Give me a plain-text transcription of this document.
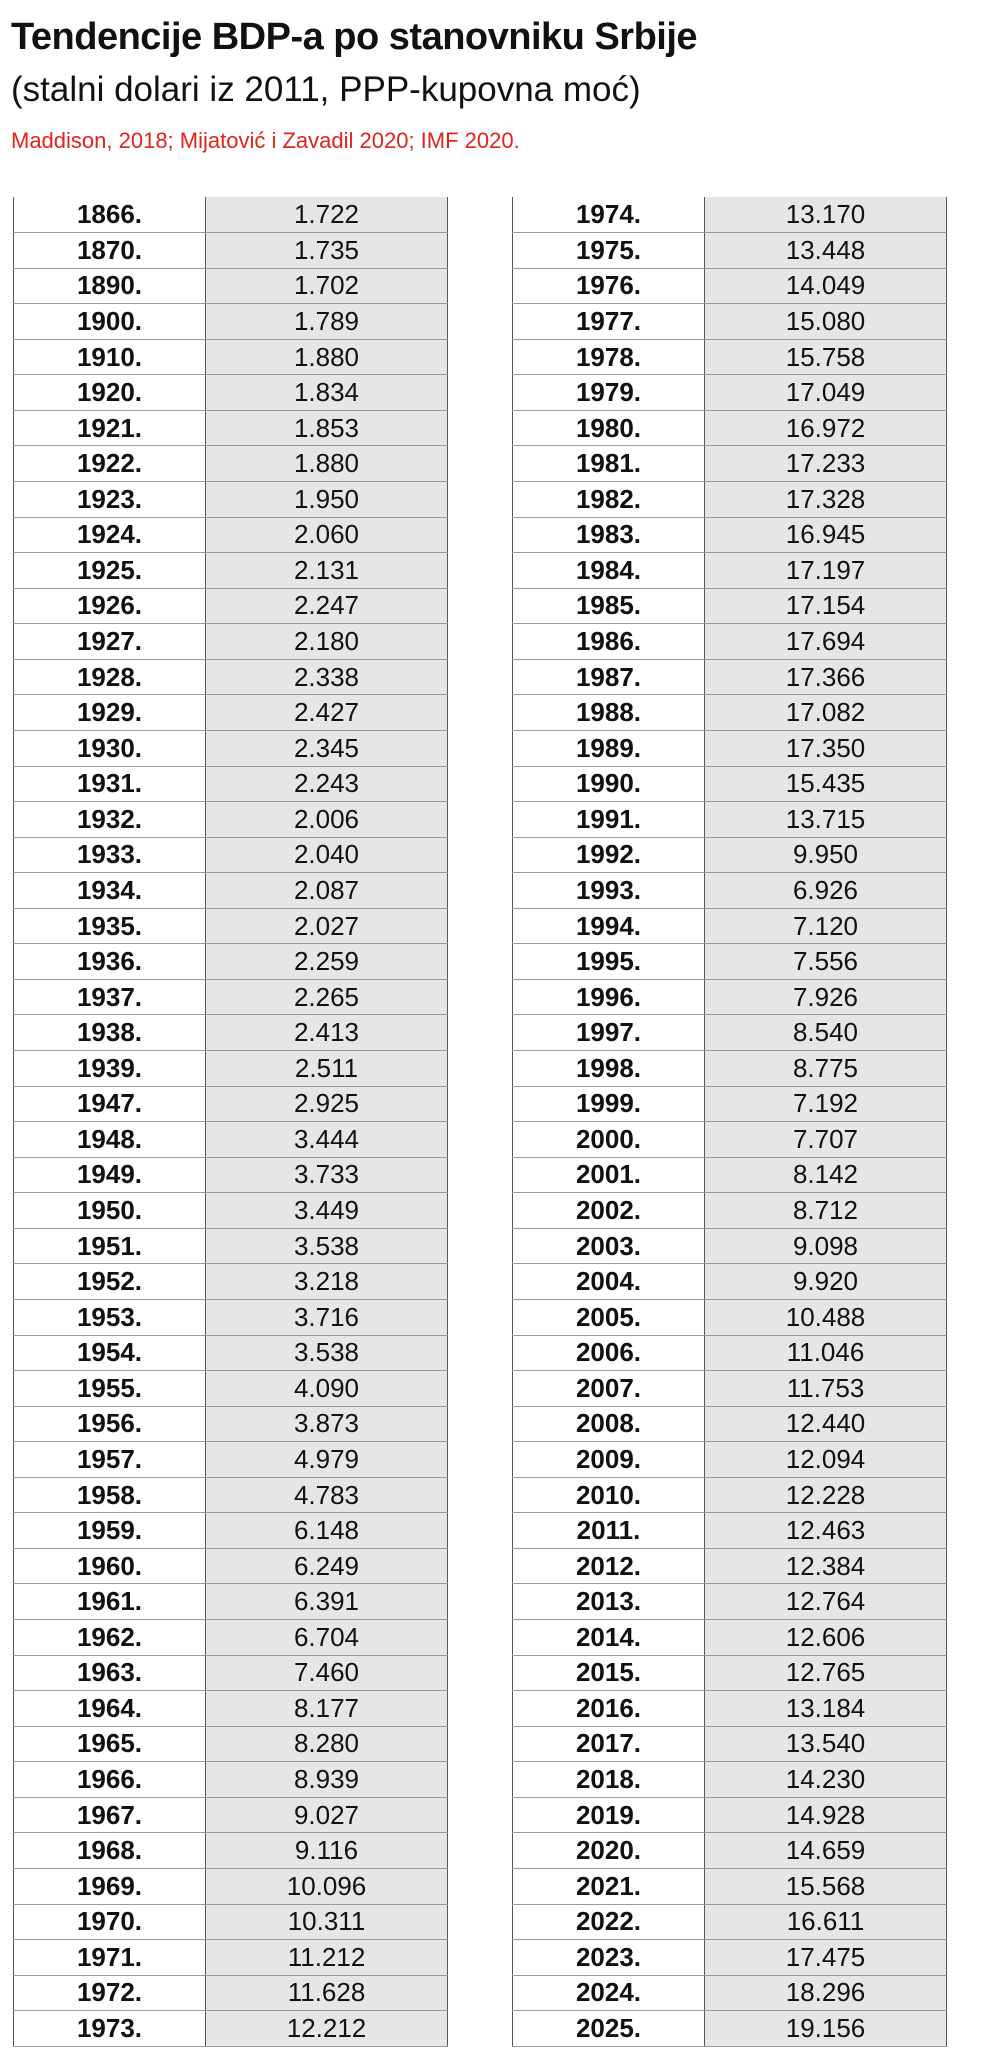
Tendencije BDP-a po stanovniku Srbije
(stalni dolari iz 2011, PPP-kupovna moć)
Maddison, 2018; Mijatović i Zavadil 2020; IMF 2020.
1866.	1.722
1870.	1.735
1890.	1.702
1900.	1.789
1910.	1.880
1920.	1.834
1921.	1.853
1922.	1.880
1923.	1.950
1924.	2.060
1925.	2.131
1926.	2.247
1927.	2.180
1928.	2.338
1929.	2.427
1930.	2.345
1931.	2.243
1932.	2.006
1933.	2.040
1934.	2.087
1935.	2.027
1936.	2.259
1937.	2.265
1938.	2.413
1939.	2.511
1947.	2.925
1948.	3.444
1949.	3.733
1950.	3.449
1951.	3.538
1952.	3.218
1953.	3.716
1954.	3.538
1955.	4.090
1956.	3.873
1957.	4.979
1958.	4.783
1959.	6.148
1960.	6.249
1961.	6.391
1962.	6.704
1963.	7.460
1964.	8.177
1965.	8.280
1966.	8.939
1967.	9.027
1968.	9.116
1969.	10.096
1970.	10.311
1971.	11.212
1972.	11.628
1973.	12.212
1974.	13.170
1975.	13.448
1976.	14.049
1977.	15.080
1978.	15.758
1979.	17.049
1980.	16.972
1981.	17.233
1982.	17.328
1983.	16.945
1984.	17.197
1985.	17.154
1986.	17.694
1987.	17.366
1988.	17.082
1989.	17.350
1990.	15.435
1991.	13.715
1992.	9.950
1993.	6.926
1994.	7.120
1995.	7.556
1996.	7.926
1997.	8.540
1998.	8.775
1999.	7.192
2000.	7.707
2001.	8.142
2002.	8.712
2003.	9.098
2004.	9.920
2005.	10.488
2006.	11.046
2007.	11.753
2008.	12.440
2009.	12.094
2010.	12.228
2011.	12.463
2012.	12.384
2013.	12.764
2014.	12.606
2015.	12.765
2016.	13.184
2017.	13.540
2018.	14.230
2019.	14.928
2020.	14.659
2021.	15.568
2022.	16.611
2023.	17.475
2024.	18.296
2025.	19.156
